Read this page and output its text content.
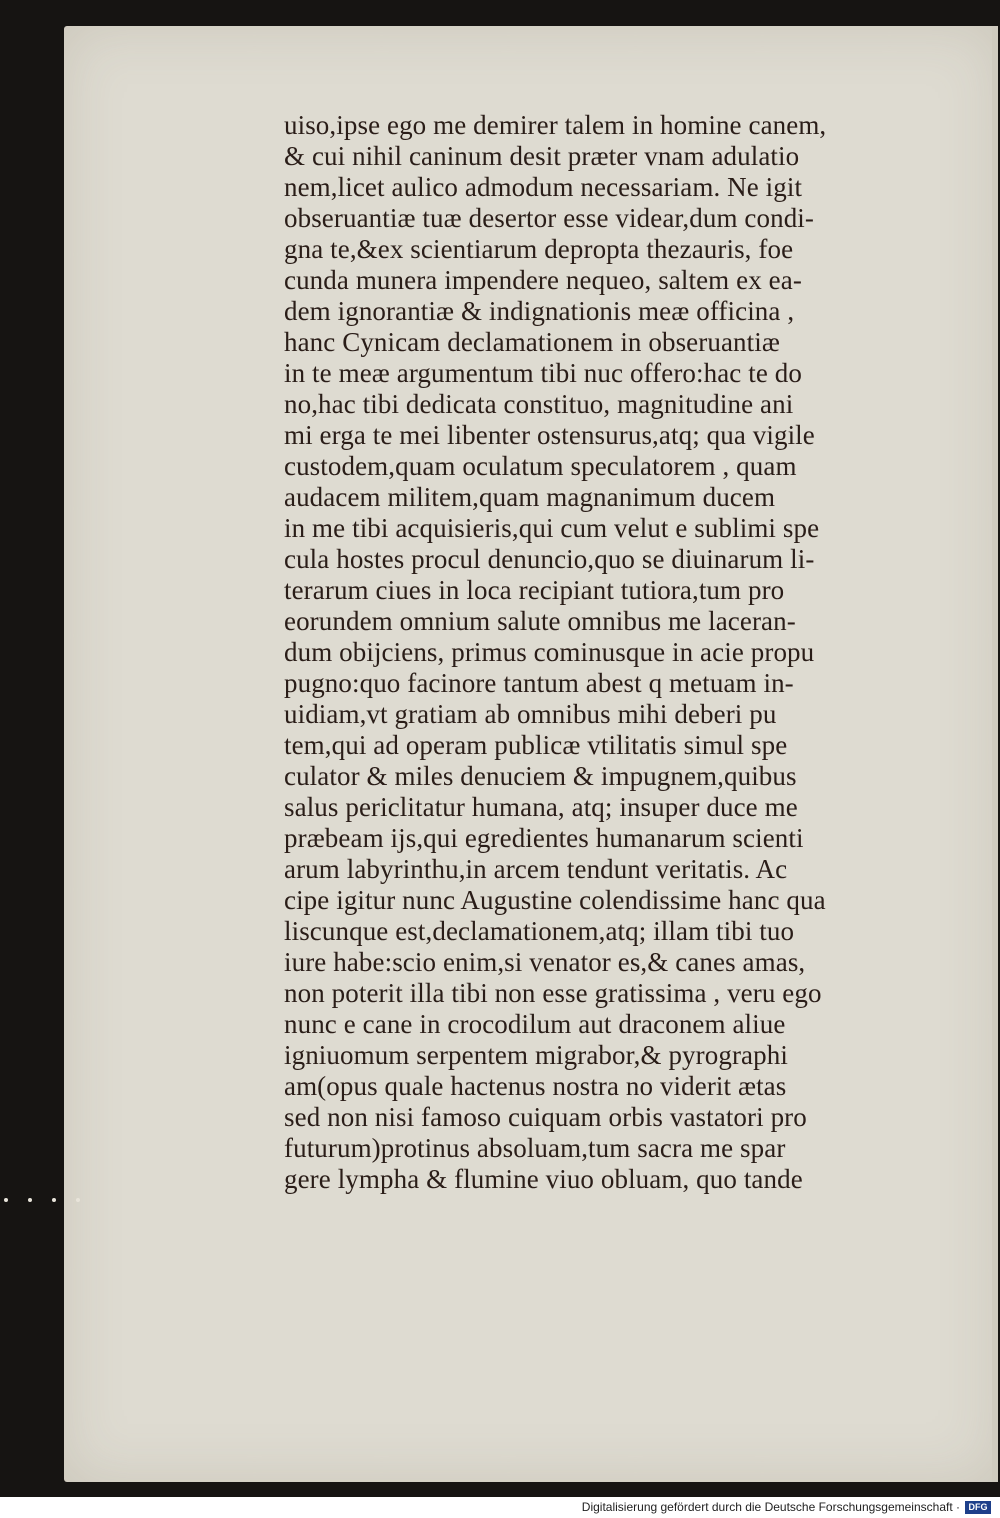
uiso,ipse ego me demirer talem in homine canem,
& cui nihil caninum desit præter vnam adulatio
nem,licet aulico admodum necessariam. Ne igit
obseruantiæ tuæ desertor esse videar,dum condi-
gna te,&ex scientiarum depropta thezauris, foe
cunda munera impendere nequeo, saltem ex ea-
dem ignorantiæ & indignationis meæ officina ,
hanc Cynicam declamationem in obseruantiæ
in te meæ argumentum tibi nuc offero:hac te do
no,hac tibi dedicata constituo, magnitudine ani
mi erga te mei libenter ostensurus,atq; qua vigile
custodem,quam oculatum speculatorem , quam
audacem militem,quam magnanimum ducem
in me tibi acquisieris,qui cum velut e sublimi spe
cula hostes procul denuncio,quo se diuinarum li-
terarum ciues in loca recipiant tutiora,tum pro
eorundem omnium salute omnibus me laceran-
dum obijciens, primus cominusque in acie propu
pugno:quo facinore tantum abest q metuam in-
uidiam,vt gratiam ab omnibus mihi deberi pu
tem,qui ad operam publicæ vtilitatis simul spe
culator & miles denuciem & impugnem,quibus
salus periclitatur humana, atq; insuper duce me
præbeam ijs,qui egredientes humanarum scienti
arum labyrinthu,in arcem tendunt veritatis. Ac
cipe igitur nunc Augustine colendissime hanc qua
liscunque est,declamationem,atq; illam tibi tuo
iure habe:scio enim,si venator es,& canes amas,
non poterit illa tibi non esse gratissima , veru ego
nunc e cane in crocodilum aut draconem aliue
igniuomum serpentem migrabor,& pyrographi
am(opus quale hactenus nostra no viderit ætas
sed non nisi famoso cuiquam orbis vastatori pro
futurum)protinus absoluam,tum sacra me spar
gere lympha & flumine viuo obluam, quo tande
Digitalisierung gefördert durch die Deutsche Forschungsgemeinschaft · DFG
